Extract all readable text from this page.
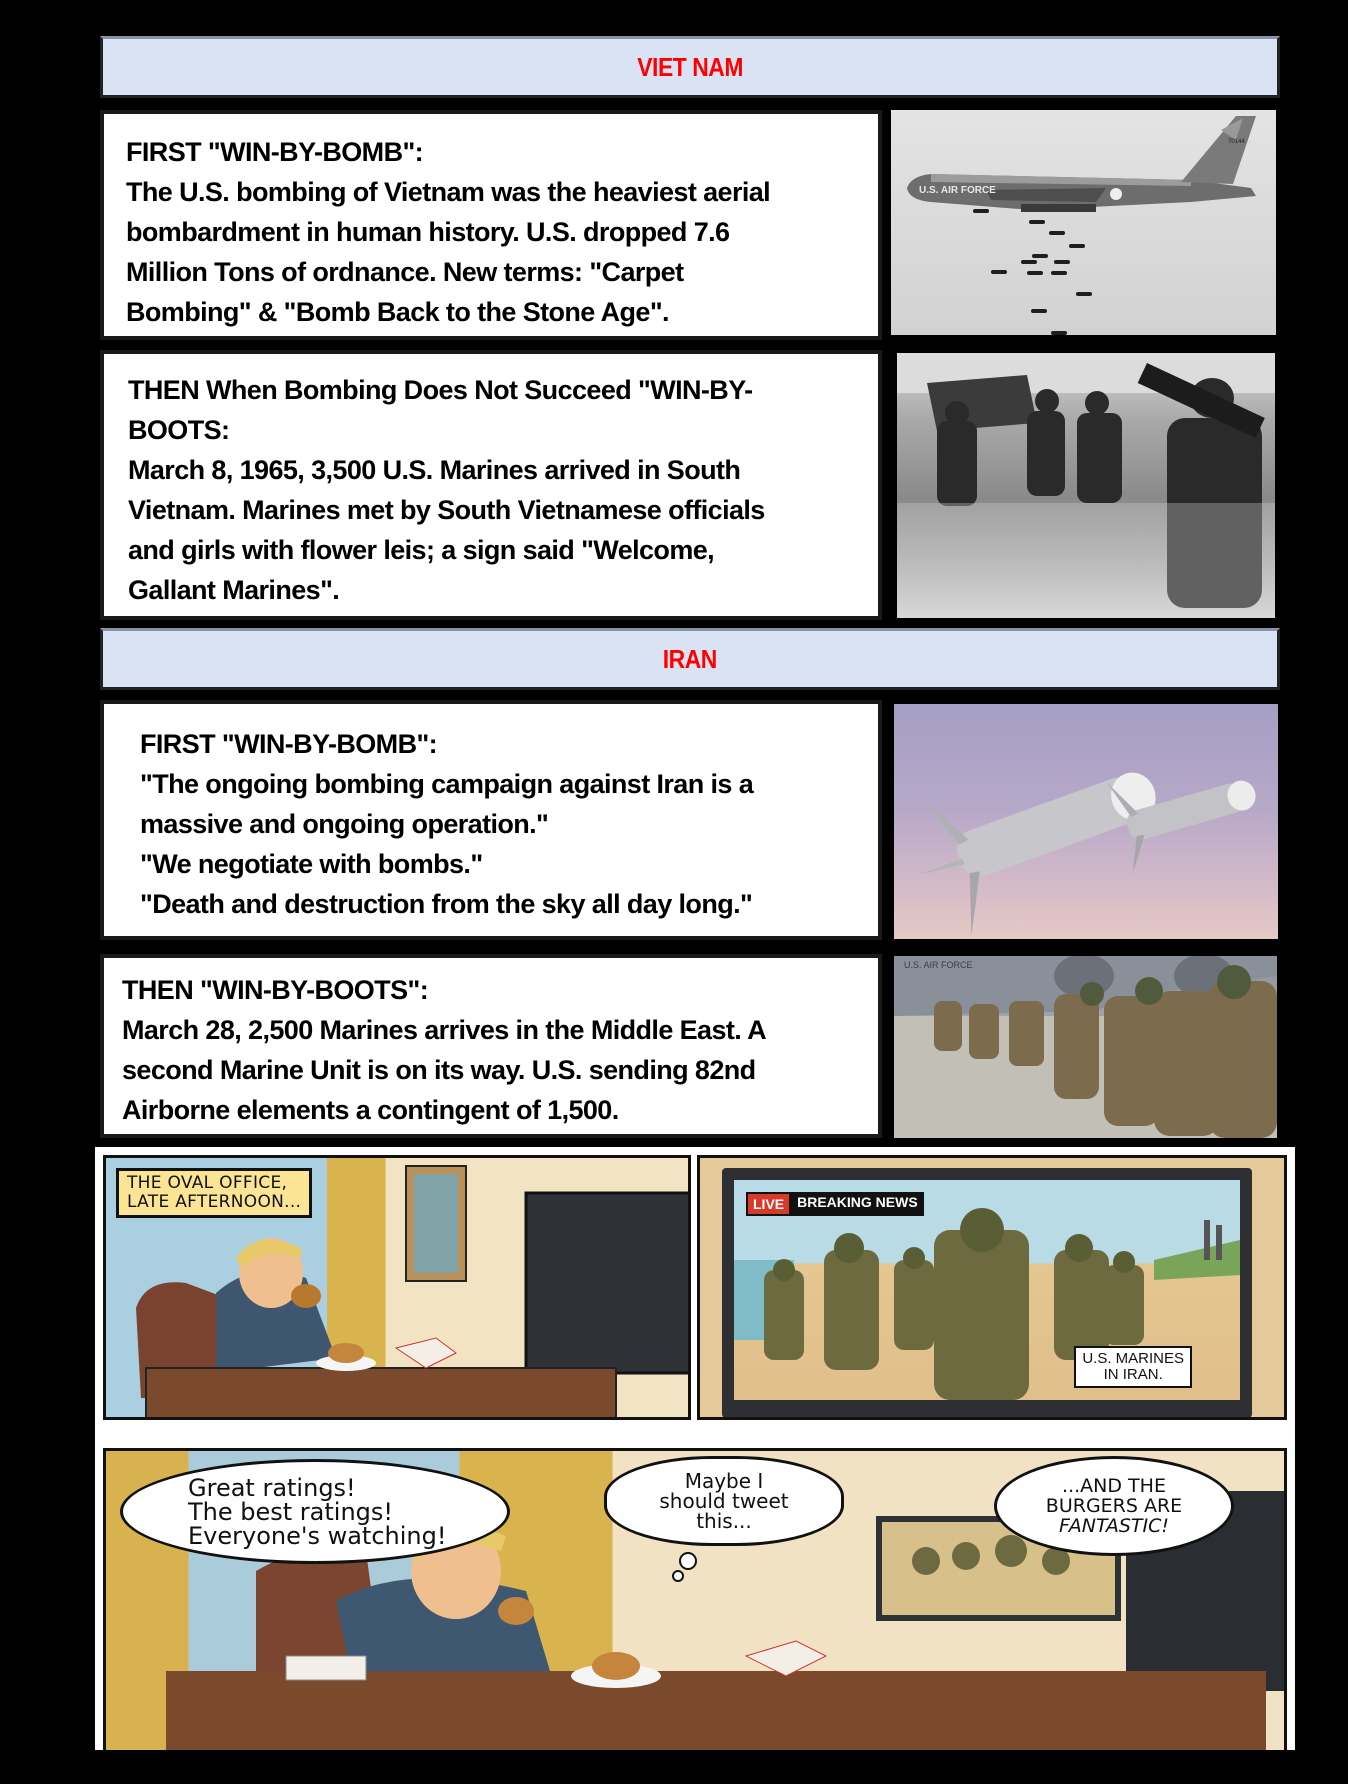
VIET NAM
FIRST "WIN-BY-BOMB":
The U.S. bombing of Vietnam was the heaviest aerial
bombardment in human history. U.S. dropped 7.6
Million Tons of ordnance. New terms: "Carpet
Bombing" & "Bomb Back to the Stone Age".
U.S. AIR FORCE
70144
THEN When Bombing Does Not Succeed "WIN-BY-
BOOTS:
March 8, 1965, 3,500 U.S. Marines arrived in South
Vietnam. Marines met by South Vietnamese officials
and girls with flower leis; a sign said "Welcome,
Gallant Marines".
IRAN
FIRST "WIN-BY-BOMB":
"The ongoing bombing campaign against Iran is a
massive and ongoing operation."
"We negotiate with bombs."
"Death and destruction from the sky all day long."
THEN "WIN-BY-BOOTS":
March 28, 2,500 Marines arrives in the Middle East. A
second Marine Unit is on its way. U.S. sending 82nd
Airborne elements a contingent of 1,500.
U.S. AIR FORCE
THE OVAL OFFICE,
LATE AFTERNOON...	LIVE BREAKING NEWS
U.S. MARINES
IN IRAN.
Great ratings!
The best ratings!
Everyone's watching!
Maybe I
should tweet
this...
...AND THE
BURGERS ARE
FANTASTIC!
